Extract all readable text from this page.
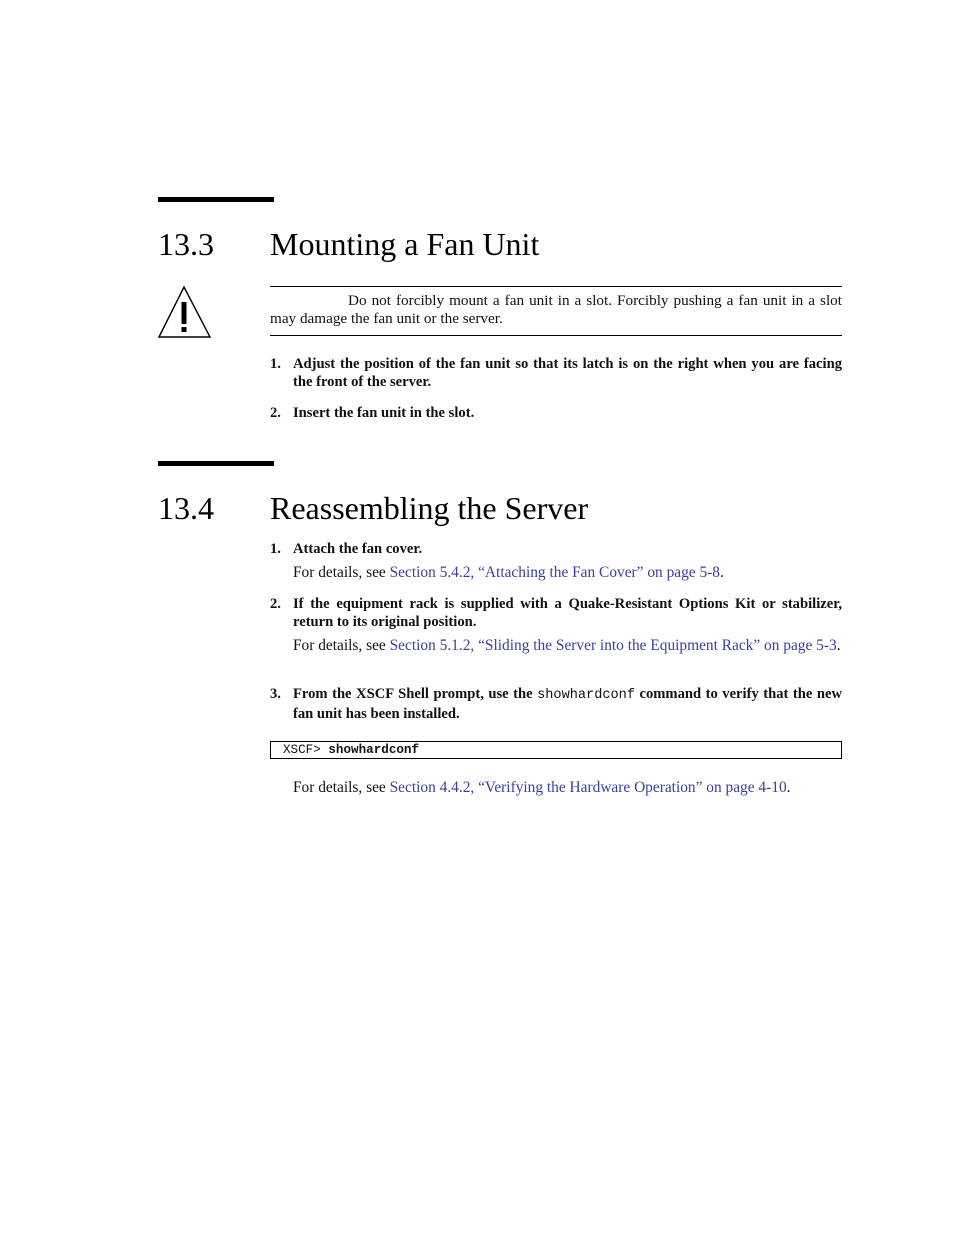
13.3 Mounting a Fan Unit
Do not forcibly mount a fan unit in a slot. Forcibly pushing a fan unit in a slot may damage the fan unit or the server.
1. Adjust the position of the fan unit so that its latch is on the right when you are facing the front of the server.
2. Insert the fan unit in the slot.
13.4 Reassembling the Server
1. Attach the fan cover.
For details, see Section 5.4.2, “Attaching the Fan Cover” on page 5-8.
2. If the equipment rack is supplied with a Quake-Resistant Options Kit or stabilizer, return to its original position.
For details, see Section 5.1.2, “Sliding the Server into the Equipment Rack” on page 5-3.
3. From the XSCF Shell prompt, use the showhardconf command to verify that the new fan unit has been installed.
XSCF> showhardconf
For details, see Section 4.4.2, “Verifying the Hardware Operation” on page 4-10.
